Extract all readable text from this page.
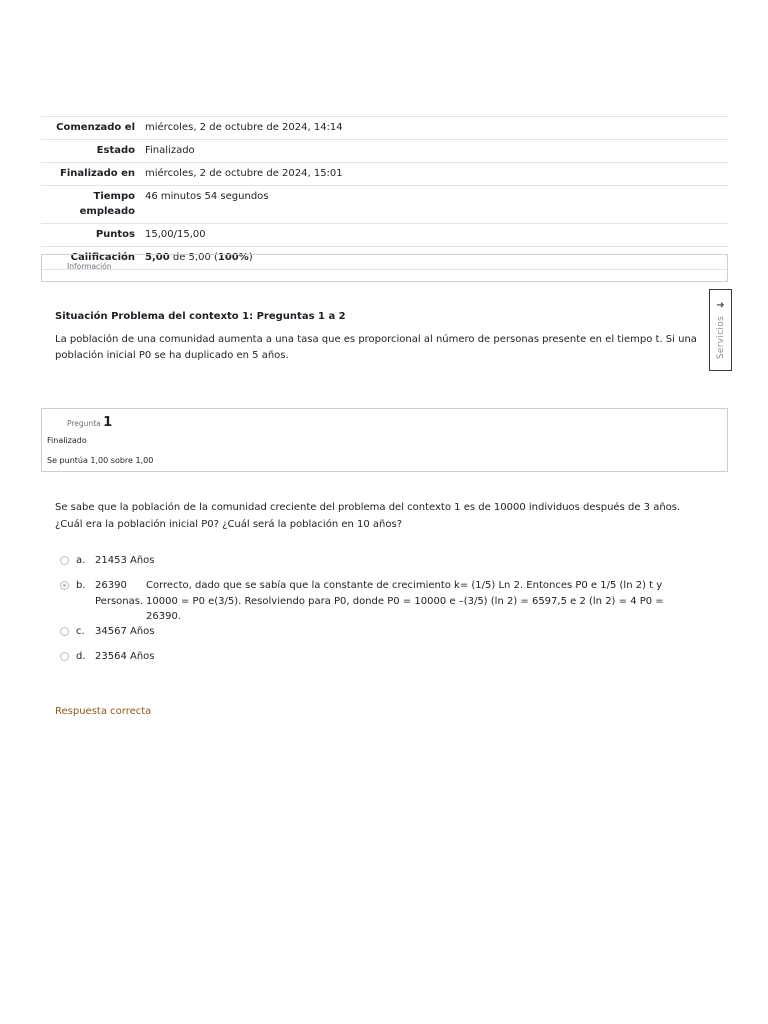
Comenzado el	miércoles, 2 de octubre de 2024, 14:14
Estado	Finalizado
Finalizado en	miércoles, 2 de octubre de 2024, 15:01
Tiempo empleado	46 minutos 54 segundos
Puntos	15,00/15,00
Calificación	5,00 de 5,00 (100%)
Información
Situación Problema del contexto 1: Preguntas 1 a 2
La población de una comunidad aumenta a una tasa que es proporcional al número de personas presente en el tiempo t. Si una población inicial P0 se ha duplicado en 5 años.
➜
Servicios
Pregunta 1
Finalizado
Se puntúa 1,00 sobre 1,00
Se sabe que la población de la comunidad creciente del problema del contexto 1 es de 10000 individuos después de 3 años. ¿Cuál era la población inicial P0? ¿Cuál será la población en 10 años?
a. 21453 Años
b. 26390 Personas.
Correcto, dado que se sabía que la constante de crecimiento k= (1/5) Ln 2. Entonces P0 e 1/5 (ln 2) t y 10000 = P0 e(3/5). Resolviendo para P0, donde P0 = 10000 e –(3/5) (ln 2) = 6597,5 e 2 (ln 2) = 4 P0 = 26390.
c.	34567 Años
d. 23564 Años
Respuesta correcta
